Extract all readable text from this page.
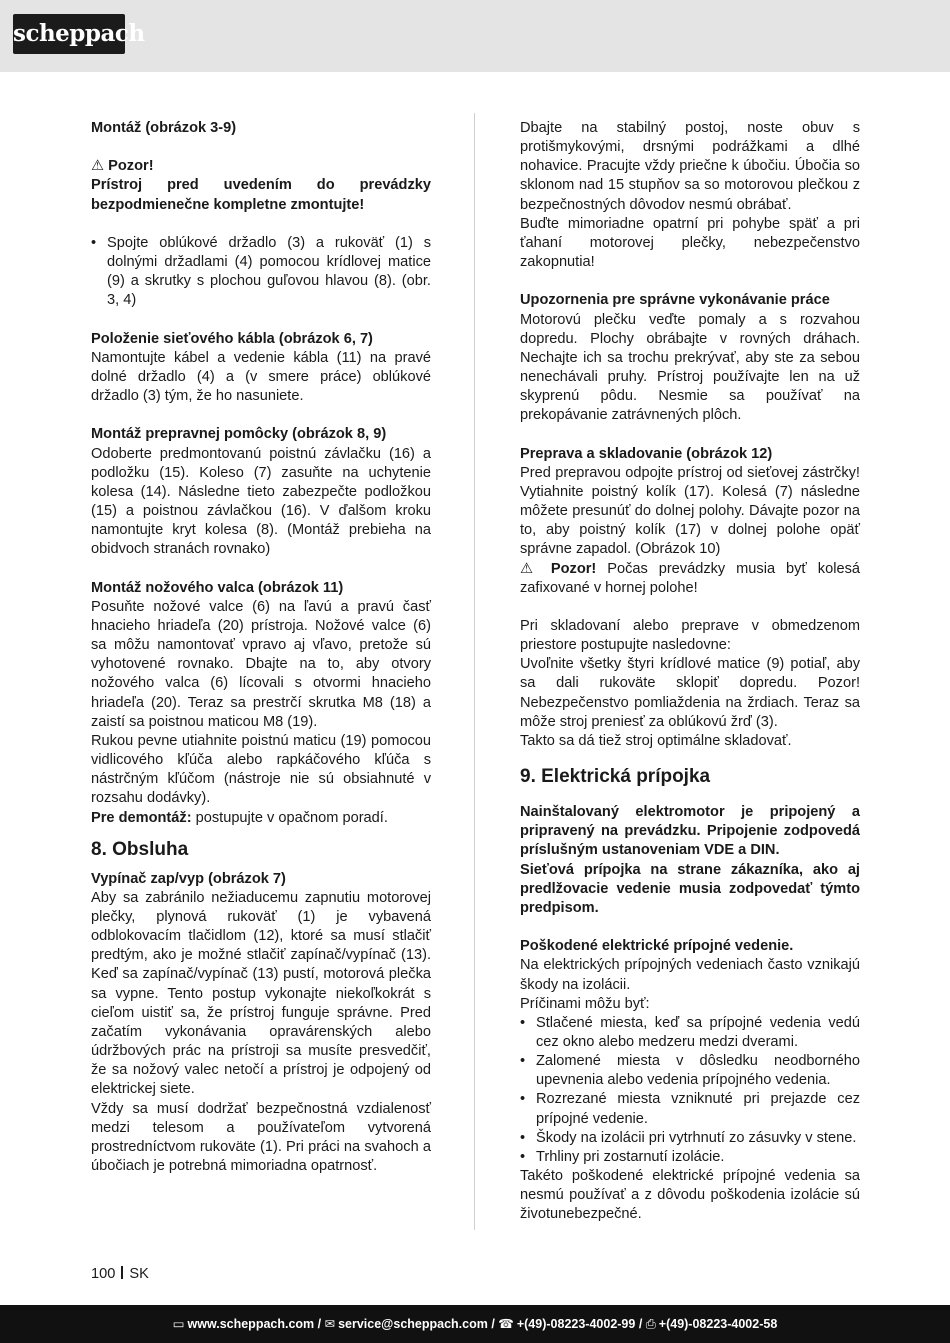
scheppach

Montáž (obrázok 3-9)

⚠ Pozor!

Prístroj pred uvedením do prevádzky bezpodmienečne kompletne zmontujte!

• Spojte oblúkové držadlo (3) a rukoväť (1) s dolnými držadlami (4) pomocou krídlovej matice (9) a skrutky s plochou guľovou hlavou (8). (obr. 3, 4)

Položenie sieťového kábla (obrázok 6, 7)

Namontujte kábel a vedenie kábla (11) na pravé dolné držadlo (4) a (v smere práce) oblúkové držadlo (3) tým, že ho nasuniete.

Montáž prepravnej pomôcky (obrázok 8, 9)

Odoberte predmontovanú poistnú závlačku (16) a podložku (15). Koleso (7) zasuňte na uchytenie kolesa (14). Následne tieto zabezpečte podložkou (15) a poistnou závlačkou (16). V ďalšom kroku namontujte kryt kolesa (8). (Montáž prebieha na obidvoch stranách rovnako)

Montáž nožového valca (obrázok 11)

Posuňte nožové valce (6) na ľavú a pravú časť hnacieho hriadeľa (20) prístroja. Nožové valce (6) sa môžu namontovať vpravo aj vľavo, pretože sú vyhotovené rovnako. Dbajte na to, aby otvory nožového valca (6) lícovali s otvormi hnacieho hriadeľa (20). Teraz sa prestrčí skrutka M8 (18) a zaistí sa poistnou maticou M8 (19).

Rukou pevne utiahnite poistnú maticu (19) pomocou vidlicového kľúča alebo rapkáčového kľúča s nástrčným kľúčom (nástroje nie sú obsiahnuté v rozsahu dodávky).

Pre demontáž: postupujte v opačnom poradí.

8. Obsluha

Vypínač zap/vyp (obrázok 7)

Aby sa zabránilo nežiaducemu zapnutiu motorovej plečky, plynová rukoväť (1) je vybavená odblokovacím tlačidlom (12), ktoré sa musí stlačiť predtým, ako je možné stlačiť zapínač/vypínač (13). Keď sa zapínač/vypínač (13) pustí, motorová plečka sa vypne. Tento postup vykonajte niekoľkokrát s cieľom uistiť sa, že prístroj funguje správne. Pred začatím vykonávania opravárenských alebo údržbových prác na prístroji sa musíte presvedčiť, že sa nožový valec netočí a prístroj je odpojený od elektrickej siete.

Vždy sa musí dodržať bezpečnostná vzdialenosť medzi telesom a používateľom vytvorená prostredníctvom rukoväte (1). Pri práci na svahoch a úbočiach je potrebná mimoriadna opatrnosť.

Dbajte na stabilný postoj, noste obuv s protišmykovými, drsnými podrážkami a dlhé nohavice. Pracujte vždy priečne k úbočiu. Úbočia so sklonom nad 15 stupňov sa so motorovou plečkou z bezpečnostných dôvodov nesmú obrábať.

Buďte mimoriadne opatrní pri pohybe späť a pri ťahaní motorovej plečky, nebezpečenstvo zakopnutia!

Upozornenia pre správne vykonávanie práce

Motorovú plečku veďte pomaly a s rozvahou dopredu. Plochy obrábajte v rovných dráhach. Nechajte ich sa trochu prekrývať, aby ste za sebou nenechávali pruhy. Prístroj používajte len na už skyprenú pôdu. Nesmie sa používať na prekopávanie zatrávnených plôch.

Preprava a skladovanie (obrázok 12)

Pred prepravou odpojte prístroj od sieťovej zástrčky! Vytiahnite poistný kolík (17). Kolesá (7) následne môžete presunúť do dolnej polohy. Dávajte pozor na to, aby poistný kolík (17) v dolnej polohe opäť správne zapadol. (Obrázok 10)

⚠ Pozor! Počas prevádzky musia byť kolesá zafixované v hornej polohe!

Pri skladovaní alebo preprave v obmedzenom priestore postupujte nasledovne:

Uvoľnite všetky štyri krídlové matice (9) potiaľ, aby sa dali rukoväte sklopiť dopredu. Pozor! Nebezpečenstvo pomliaždenia na žrdiach. Teraz sa môže stroj preniesť za oblúkovú žrď (3).

Takto sa dá tiež stroj optimálne skladovať.

9. Elektrická prípojka

Nainštalovaný elektromotor je pripojený a pripravený na prevádzku. Pripojenie zodpovedá príslušným ustanoveniam VDE a DIN.

Sieťová prípojka na strane zákazníka, ako aj predlžovacie vedenie musia zodpovedať týmto predpisom.

Poškodené elektrické prípojné vedenie.

Na elektrických prípojných vedeniach často vznikajú škody na izolácii.

Príčinami môžu byť:

• Stlačené miesta, keď sa prípojné vedenia vedú cez okno alebo medzeru medzi dverami.
• Zalomené miesta v dôsledku neodborného upevnenia alebo vedenia prípojného vedenia.
• Rozrezané miesta vzniknuté pri prejazde cez prípojné vedenie.
• Škody na izolácii pri vytrhnutí zo zásuvky v stene.
• Trhliny pri zostarnutí izolácie.

Takéto poškodené elektrické prípojné vedenia sa nesmú používať a z dôvodu poškodenia izolácie sú životunebezpečné.

100 SK
▭ www.scheppach.com / ✉ service@scheppach.com / ☎ +(49)-08223-4002-99 / ⎙ +(49)-08223-4002-58
